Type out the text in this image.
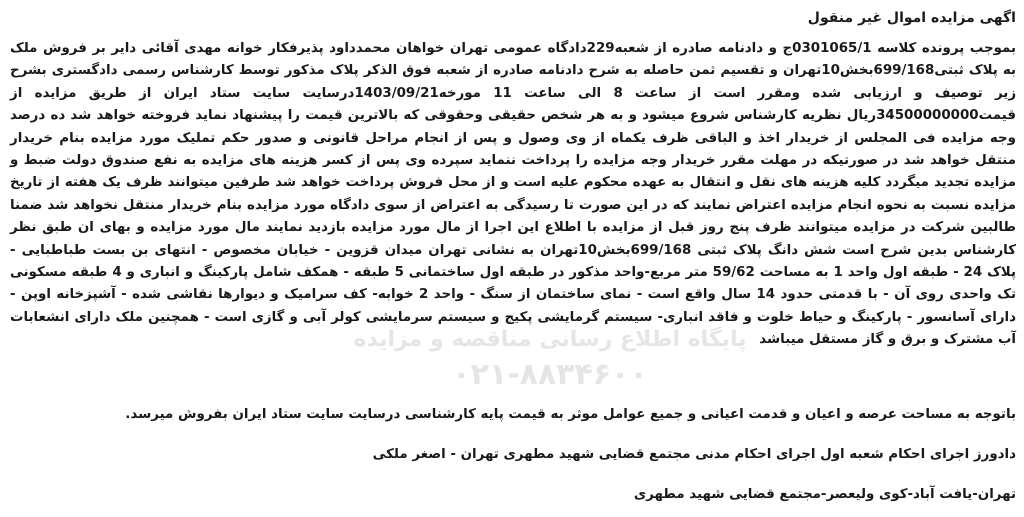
اگهی مزایده اموال غیر منقول
بموجب پرونده کلاسه 0301065/1ج و دادنامه صادره از شعبه229دادگاه عمومی تهران خواهان محمدداود پذیرفکار خوانه مهدی آقائی دایر بر فروش ملک به پلاک ثبتی699/168بخش10تهران و تقسیم ثمن حاصله به شرح دادنامه صادره از شعبه فوق الذکر پلاک مذکور توسط کارشناس رسمی دادگستری بشرح زیر توصیف و ارزیابی شده ومقرر است از ساعت 8 الی ساعت 11 مورخه1403/09/21درسایت سایت ستاد ایران از طریق مزایده از قیمت34500000000ریال نظریه کارشناس شروع میشود و به هر شخص حقیقی وحقوقی که بالاترین قیمت را پیشنهاد نماید فروخته خواهد شد ده درصد وجه مزایده فی المجلس از خریدار اخذ و الباقی ظرف یکماه از وی وصول و پس از انجام مراحل قانونی و صدور حکم تملیک مورد مزایده بنام خریدار منتقل خواهد شد در صورتیکه در مهلت مقرر خریدار وجه مزایده را پرداخت ننماید سپرده وی پس از کسر هزینه های مزایده به نفع صندوق دولت ضبط و مزایده تجدید میگردد کلیه هزینه های نقل و انتقال به عهده محکوم علیه است و از محل فروش پرداخت خواهد شد طرفین میتوانند ظرف یک هفته از تاریخ مزایده نسبت به نحوه انجام مزایده اعتراض نمایند که در این صورت تا رسیدگی به اعتراض از سوی دادگاه مورد مزایده بنام خریدار منتقل نخواهد شد ضمنا طالبین شرکت در مزایده میتوانند ظرف پنج روز قبل از مزایده با اطلاع این اجرا از مال مورد مزایده بازدید نمایند مال مورد مزایده و بهای ان طبق نظر کارشناس بدین شرح است شش دانگ پلاک ثبتی 699/168بخش10تهران به نشانی تهران میدان قزوین - خیابان مخصوص - انتهای بن بست طباطبایی - پلاک 24 - طبقه اول واحد 1 به مساحت 59/62 متر مربع-واحد مذکور در طبقه اول ساختمانی 5 طبقه - همکف شامل پارکینگ و انباری و 4 طبقه مسکونی تک واحدی روی آن - با قدمتی حدود 14 سال واقع است - نمای ساختمان از سنگ - واحد 2 خوابه- کف سرامیک و دیوارها نقاشی شده - آشپزخانه اوپن - دارای آسانسور - پارکینگ و حیاط خلوت و فاقد انباری- سیستم گرمایشی پکیج و سیستم سرمایشی کولر آبی و گازی است - همچنین ملک دارای انشعابات آب مشترک و برق و گاز مستقل میباشد
باتوجه به مساحت عرصه و اعیان و قدمت اعیانی و جمیع عوامل موثر به قیمت پایه کارشناسی درسایت سایت ستاد ایران بفروش میرسد.
دادورز اجرای احکام شعبه اول اجرای احکام مدنی مجتمع قضایی شهید مطهری تهران - اصغر ملکی
تهران-یافت آباد-کوی ولیعصر-مجتمع قضایی شهید مطهری
پایگاه اطلاع رسانی مناقصه و مزایده
۰۲۱-۸۸۳۴۶۰۰
